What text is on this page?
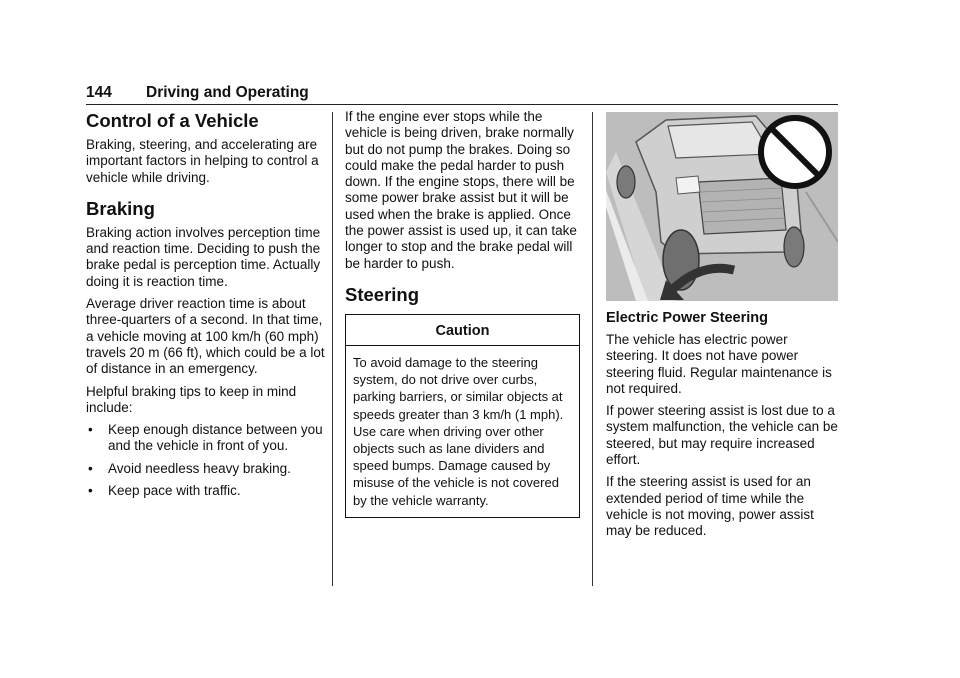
144 Driving and Operating
Control of a Vehicle

Braking, steering, and accelerating are important factors in helping to control a vehicle while driving.

Braking

Braking action involves perception time and reaction time. Deciding to push the brake pedal is perception time. Actually doing it is reaction time.

Average driver reaction time is about three-quarters of a second. In that time, a vehicle moving at 100 km/h (60 mph) travels 20 m (66 ft), which could be a lot of distance in an emergency.

Helpful braking tips to keep in mind include:

• Keep enough distance between you and the vehicle in front of you.
• Avoid needless heavy braking.
• Keep pace with traffic.

If the engine ever stops while the vehicle is being driven, brake normally but do not pump the brakes. Doing so could make the pedal harder to push down. If the engine stops, there will be some power brake assist but it will be used when the brake is applied. Once the power assist is used up, it can take longer to stop and the brake pedal will be harder to push.

Steering
Caution
To avoid damage to the steering system, do not drive over curbs, parking barriers, or similar objects at speeds greater than 3 km/h (1 mph). Use care when driving over other objects such as lane dividers and speed bumps. Damage caused by misuse of the vehicle is not covered by the vehicle warranty.
Electric Power Steering

The vehicle has electric power steering. It does not have power steering fluid. Regular maintenance is not required.

If power steering assist is lost due to a system malfunction, the vehicle can be steered, but may require increased effort.

If the steering assist is used for an extended period of time while the vehicle is not moving, power assist may be reduced.
